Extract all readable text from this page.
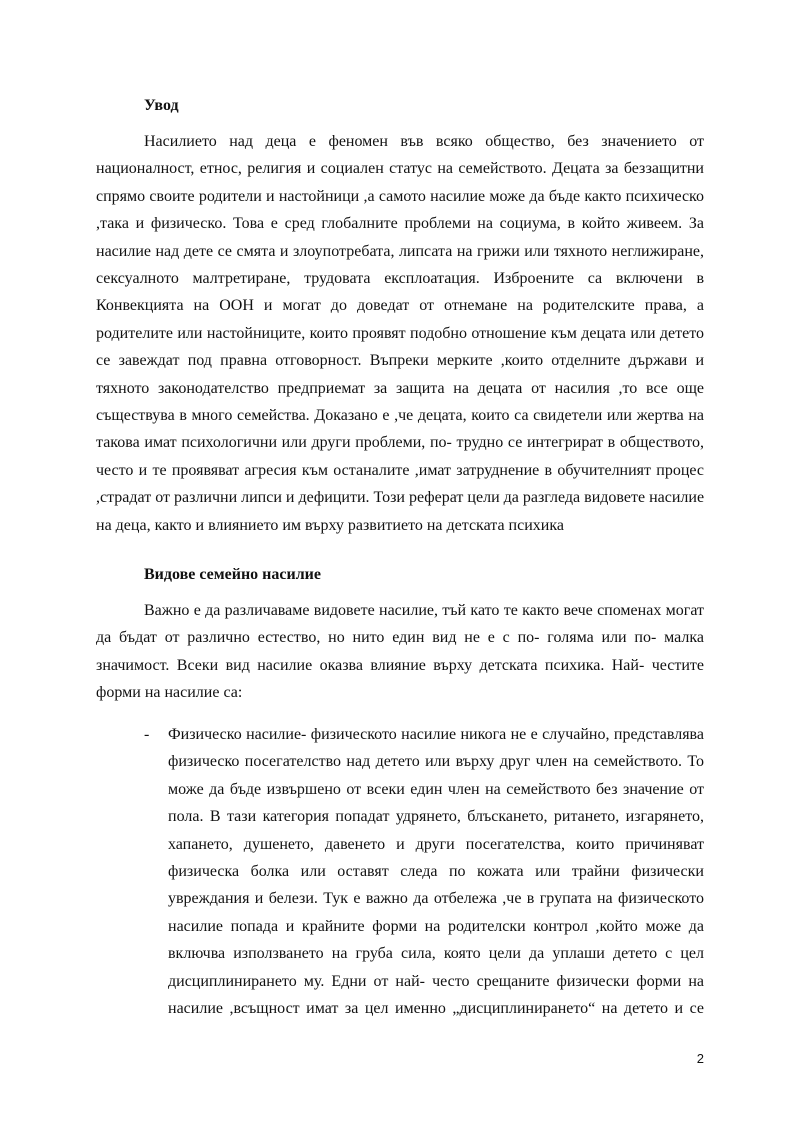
Увод
Насилието над деца е феномен във всяко общество, без значението от
националност, етнос, религия и социален статус на семейството. Децата за беззащитни
спрямо своите родители и настойници ,а самото насилие може да бъде както психическо
,така и физическо. Това е сред глобалните проблеми на социума, в който живеем. За
насилие над дете се смята и злоупотребата, липсата на грижи или тяхното неглижиране,
сексуалното малтретиране, трудовата експлоатация. Изброените са включени в
Конвекцията на ООН и могат до доведат от отнемане на родителските права, а
родителите или настойниците, които проявят подобно отношение към децата или детето
се завеждат под правна отговорност. Въпреки мерките ,които отделните държави и
тяхното законодателство предприемат за защита на децата от насилия ,то все още
съществува в много семейства. Доказано е ,че децата, които са свидетели или жертва на
такова имат психологични или други проблеми, по- трудно се интегрират в обществото,
често и те проявяват агресия към останалите ,имат затруднение в обучителният процес
,страдат от различни липси и дефицити. Този реферат цели да разгледа видовете насилие
на деца, както и влиянието им върху развитието на детската психика
Видове семейно насилие
Важно е да различаваме видовете насилие, тъй като те както вече споменах могат
да бъдат от различно естество, но нито един вид не е с по- голяма или по- малка
значимост. Всеки вид насилие оказва влияние върху детската психика. Най- честите
форми на насилие са:
- Физическо насилие- физическото насилие никога не е случайно, представлява
физическо посегателство над детето или върху друг член на семейството. То
може да бъде извършено от всеки един член на семейството без значение от
пола. В тази категория попадат удрянето, блъскането, ритането, изгарянето,
хапането, душенето, давенето и други посегателства, които причиняват
физическа болка или оставят следа по кожата или трайни физически
увреждания и белези. Тук е важно да отбележа ,че в групата на физическото
насилие попада и крайните форми на родителски контрол ,който може да
включва използването на груба сила, която цели да уплаши детето с цел
дисциплинирането му. Едни от най- често срещаните физически форми на
насилие ,всъщност имат за цел именно „дисциплинирането“ на детето и се
2
